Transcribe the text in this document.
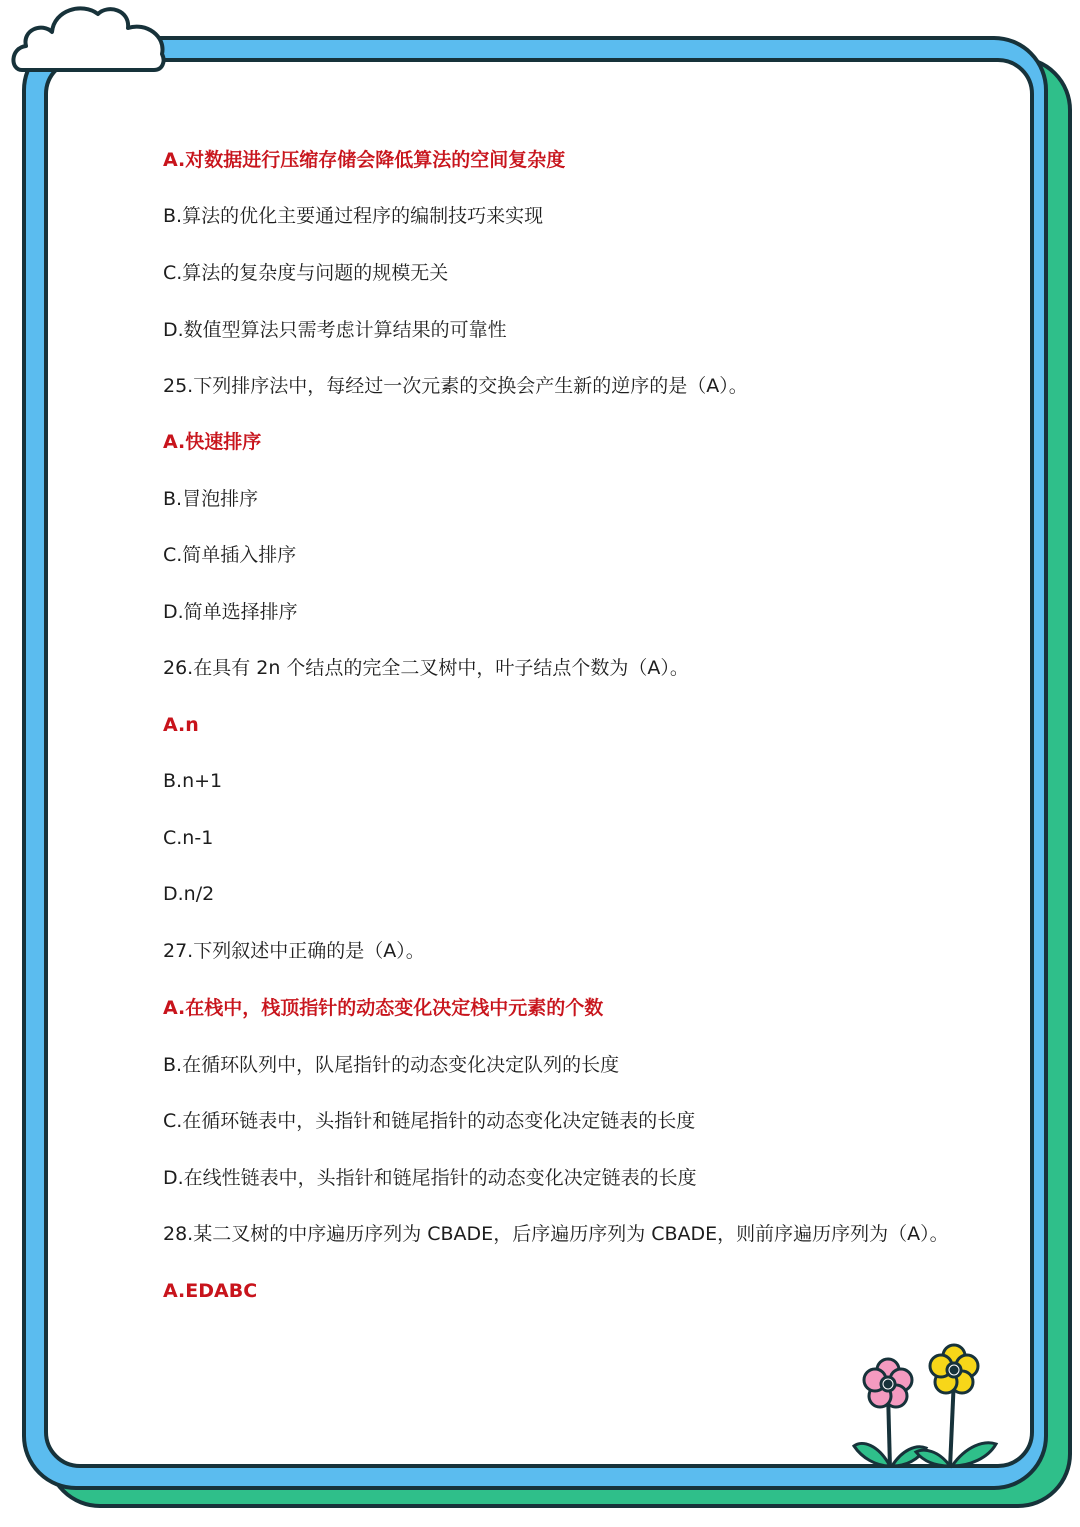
A.对数据进行压缩存储会降低算法的空间复杂度
B.算法的优化主要通过程序的编制技巧来实现
C.算法的复杂度与问题的规模无关
D.数值型算法只需考虑计算结果的可靠性
25.下列排序法中，每经过一次元素的交换会产生新的逆序的是（A）。
A.快速排序
B.冒泡排序
C.简单插入排序
D.简单选择排序
26.在具有 2n 个结点的完全二叉树中，叶子结点个数为（A）。
A.n
B.n+1
C.n-1
D.n/2
27.下列叙述中正确的是（A）。
A.在栈中，栈顶指针的动态变化决定栈中元素的个数
B.在循环队列中，队尾指针的动态变化决定队列的长度
C.在循环链表中，头指针和链尾指针的动态变化决定链表的长度
D.在线性链表中，头指针和链尾指针的动态变化决定链表的长度
28.某二叉树的中序遍历序列为 CBADE，后序遍历序列为 CBADE，则前序遍历序列为（A）。
A.EDABC
